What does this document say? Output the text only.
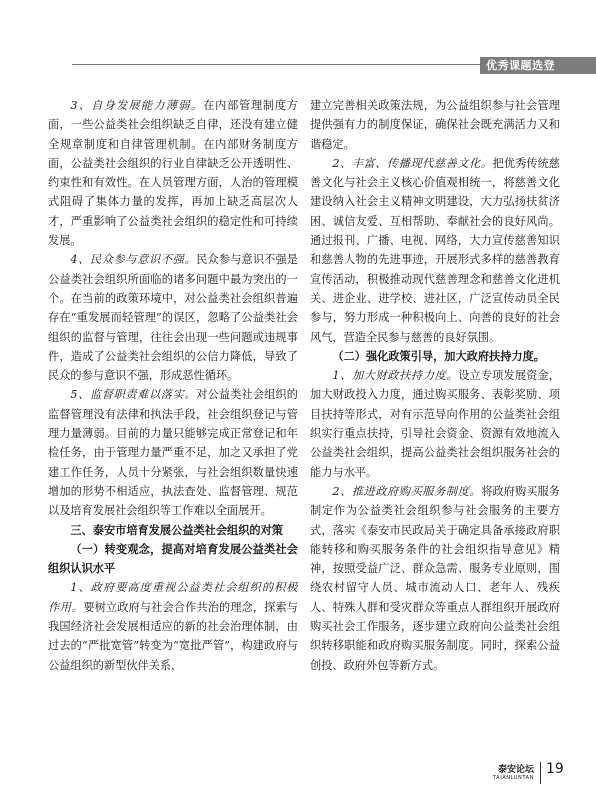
优秀课题选登

3、自身发展能力薄弱。在内部管理制度方面，一些公益类社会组织缺乏自律，还没有建立健全规章制度和自律管理机制。在内部财务制度方面，公益类社会组织的行业自律缺乏公开透明性、约束性和有效性。在人员管理方面，人治的管理模式阻碍了集体力量的发挥，再加上缺乏高层次人才，严重影响了公益类社会组织的稳定性和可持续发展。

4、民众参与意识不强。民众参与意识不强是公益类社会组织所面临的诸多问题中最为突出的一个。在当前的政策环境中，对公益类社会组织普遍存在“重发展而轻管理”的误区，忽略了公益类社会组织的监督与管理，往往会出现一些问题或违规事件，造成了公益类社会组织的公信力降低，导致了民众的参与意识不强，形成恶性循环。

5、监督职责难以落实。对公益类社会组织的监督管理没有法律和执法手段，社会组织登记与管理力量薄弱。目前的力量只能够完成正常登记和年检任务，由于管理力量严重不足，加之又承担了党建工作任务，人员十分紧张，与社会组织数量快速增加的形势不相适应，执法查处、监督管理、规范以及培育发展社会组织等工作难以全面展开。

三、泰安市培育发展公益类社会组织的对策

（一）转变观念，提高对培育发展公益类社会组织认识水平

1、政府要高度重视公益类社会组织的积极作用。要树立政府与社会合作共治的理念，探索与我国经济社会发展相适应的新的社会治理体制，由过去的“严批宽管”转变为“宽批严管”，构建政府与公益组织的新型伙伴关系，

建立完善相关政策法规，为公益组织参与社会管理提供强有力的制度保证，确保社会既充满活力又和谐稳定。

2、丰富、传播现代慈善文化。把优秀传统慈善文化与社会主义核心价值观相统一，将慈善文化建设纳入社会主义精神文明建设，大力弘扬扶贫济困、诚信友爱、互相帮助、奉献社会的良好风尚。通过报刊、广播、电视、网络，大力宣传慈善知识和慈善人物的先进事迹，开展形式多样的慈善教育宣传活动，积极推动现代慈善理念和慈善文化进机关、进企业、进学校、进社区，广泛宣传动员全民参与，努力形成一种积极向上、向善的良好的社会风气，营造全民参与慈善的良好氛围。

（二）强化政策引导，加大政府扶持力度。

1、加大财政扶持力度。设立专项发展资金，加大财政投入力度，通过购买服务、表彰奖励、项目扶持等形式，对有示范导向作用的公益类社会组织实行重点扶持，引导社会资金、资源有效地流入公益类社会组织，提高公益类社会组织服务社会的能力与水平。

2、推进政府购买服务制度。将政府购买服务制定作为公益类社会组织参与社会服务的主要方式，落实《泰安市民政局关于确定具备承接政府职能转移和购买服务条件的社会组织指导意见》精神，按照受益广泛、群众急需、服务专业原则，围绕农村留守人员、城市流动人口、老年人、残疾人、特殊人群和受灾群众等重点人群组织开展政府购买社会工作服务，逐步建立政府向公益类社会组织转移职能和政府购买服务制度。同时，探索公益创投、政府外包等新方式。

泰安论坛
TAIANLUNTAN
19
